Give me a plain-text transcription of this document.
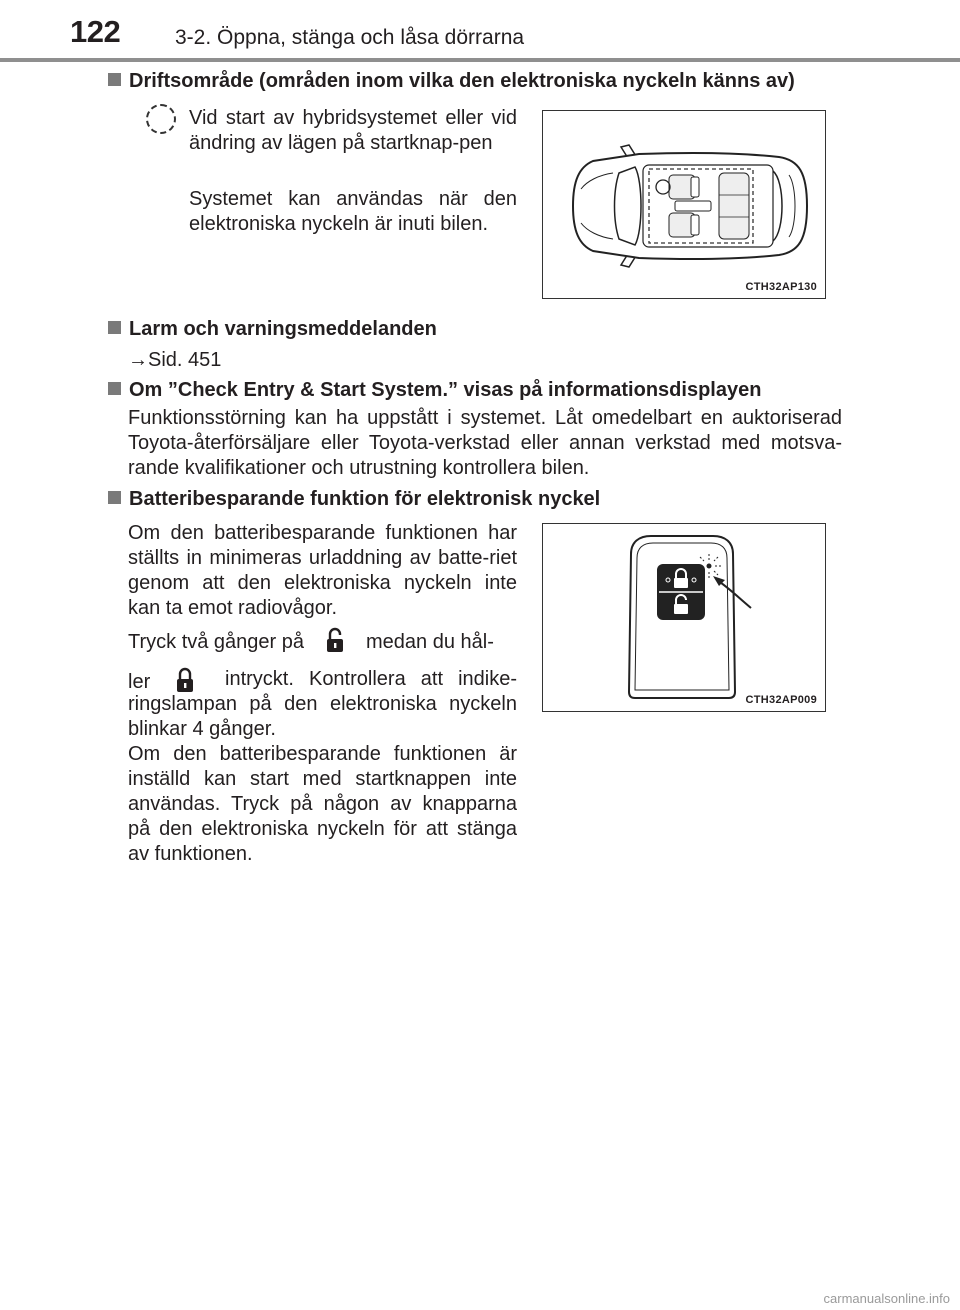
122	3-2. Öppna, stänga och låsa dörrarna
Driftsområde (områden inom vilka den elektroniska nyckeln känns av)
Vid start av hybridsystemet eller vid ändring av lägen på startknap-pen
Systemet kan användas när den elektroniska nyckeln är inuti bilen.
CTH32AP130
Larm och varningsmeddelanden
→Sid. 451
Om ”Check Entry & Start System.” visas på informationsdisplayen
Funktionsstörning kan ha uppstått i systemet. Låt omedelbart en auktoriserad Toyota-återförsäljare eller Toyota-verkstad eller annan verkstad med motsva-rande kvalifikationer och utrustning kontrollera bilen.
Batteribesparande funktion för elektronisk nyckel
Om den batteribesparande funktionen har ställts in minimeras urladdning av batte-riet genom att den elektroniska nyckeln inte kan ta emot radiovågor.
Tryck två gånger på	medan du hål-
ler	intryckt. Kontrollera att indike-ringslampan på den elektroniska nyckeln blinkar 4 gånger.
Om den batteribesparande funktionen är inställd kan start med startknappen inte användas. Tryck på någon av knapparna på den elektroniska nyckeln för att stänga av funktionen.
CTH32AP009
carmanualsonline.info
